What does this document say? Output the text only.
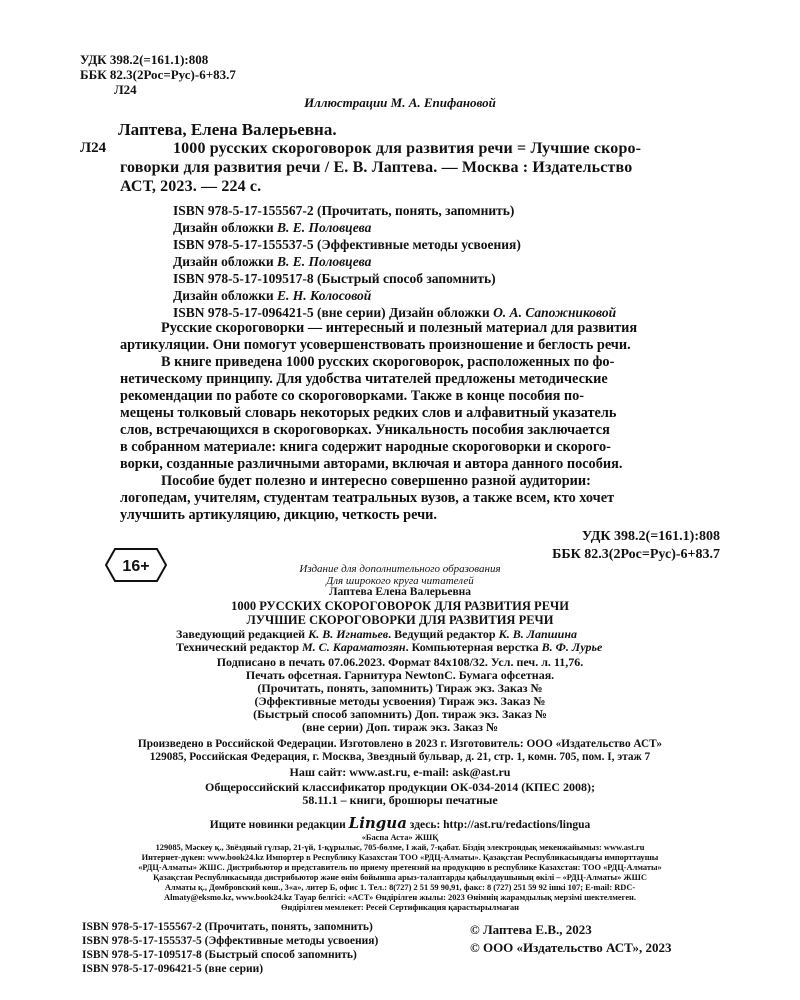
УДК 398.2(=161.1):808
ББК 82.3(2Рос=Рус)-6+83.7
Л24
Иллюстрации М. А. Епифановой
Лаптева, Елена Валерьевна.
Л24	1000 русских скороговорок для развития речи = Лучшие скоро-
говорки для развития речи / Е. В. Лаптева. — Москва : Издательство
АСТ, 2023. — 224 с.
ISBN 978-5-17-155567-2 (Прочитать, понять, запомнить)
Дизайн обложки В. Е. Половцева
ISBN 978-5-17-155537-5 (Эффективные методы усвоения)
Дизайн обложки В. Е. Половцева
ISBN 978-5-17-109517-8 (Быстрый способ запомнить)
Дизайн обложки Е. Н. Колосовой
ISBN 978-5-17-096421-5 (вне серии) Дизайн обложки О. А. Сапожниковой
Русские скороговорки — интересный и полезный материал для развития
артикуляции. Они помогут усовершенствовать произношение и беглость речи.
В книге приведена 1000 русских скороговорок, расположенных по фо-
нетическому принципу. Для удобства читателей предложены методические
рекомендации по работе со скороговорками. Также в конце пособия по-
мещены толковый словарь некоторых редких слов и алфавитный указатель
слов, встречающихся в скороговорках. Уникальность пособия заключается
в собранном материале: книга содержит народные скороговорки и скорого-
ворки, созданные различными авторами, включая и автора данного пособия.
Пособие будет полезно и интересно совершенно разной аудитории:
логопедам, учителям, студентам театральных вузов, а также всем, кто хочет
улучшить артикуляцию, дикцию, четкость речи.
УДК 398.2(=161.1):808
ББК 82.3(2Рос=Рус)-6+83.7
Издание для дополнительного образования
Для широкого круга читателей
16+
Лаптева Елена Валерьевна
1000 РУССКИХ СКОРОГОВОРОК ДЛЯ РАЗВИТИЯ РЕЧИ
ЛУЧШИЕ СКОРОГОВОРКИ ДЛЯ РАЗВИТИЯ РЕЧИ
Заведующий редакцией К. В. Игнатьев. Ведущий редактор К. В. Лапшина
Технический редактор М. С. Караматозян. Компьютерная верстка В. Ф. Лурье
Подписано в печать 07.06.2023. Формат 84х108/32. Усл. печ. л. 11,76.
Печать офсетная. Гарнитура NewtonC. Бумага офсетная.
(Прочитать, понять, запомнить) Тираж экз. Заказ №
(Эффективные методы усвоения) Тираж экз. Заказ №
(Быстрый способ запомнить) Доп. тираж экз. Заказ №
(вне серии) Доп. тираж экз. Заказ №
Произведено в Российской Федерации. Изготовлено в 2023 г. Изготовитель: ООО «Издательство АСТ»
129085, Российская Федерация, г. Москва, Звездный бульвар, д. 21, стр. 1, комн. 705, пом. I, этаж 7
Наш сайт: www.ast.ru, e-mail: ask@ast.ru
Общероссийский классификатор продукции ОК-034-2014 (КПЕС 2008);
58.11.1 – книги, брошюры печатные
Ищите новинки редакции Lingua здесь: http://ast.ru/redactions/lingua
«Баспа Аста» ЖШҚ
129085, Мәскеу қ., Звёздный гүлзар, 21-үй, 1-құрылыс, 705-бөлме, I жай, 7-қабат. Біздің электрондық мекенжайымыз: www.ast.ru
Интернет-дүкен: www.book24.kz Импортер в Республику Казахстан ТОО «РДЦ-Алматы». Қазақстан Республикасындағы импорттаушы
«РДЦ-Алматы» ЖШС. Дистрибьютор и представитель по приему претензий на продукцию в республике Казахстан: ТОО «РДЦ-Алматы»
Қазақстан Республикасында дистрибьютор және өнім бойынша арыз-талаптарды қабылдаушының өкілі – «РДЦ-Алматы» ЖШС
Алматы қ., Домбровский көш., 3«а», литер Б, офис 1. Тел.: 8(727) 2 51 59 90,91, факс: 8 (727) 251 59 92 ішкі 107; E-mail: RDC-
Almaty@eksmo.kz, www.book24.kz Тауар белгісі: «АСТ» Өндірілген жылы: 2023 Өнімнің жарамдылық мерзімі шектелмеген.
Өндірілген мемлекет: Ресей Сертификация қарастырылмаған
ISBN 978-5-17-155567-2 (Прочитать, понять, запомнить)
ISBN 978-5-17-155537-5 (Эффективные методы усвоения)
ISBN 978-5-17-109517-8 (Быстрый способ запомнить)
ISBN 978-5-17-096421-5 (вне серии)
© Лаптева Е.В., 2023
© ООО «Издательство АСТ», 2023
